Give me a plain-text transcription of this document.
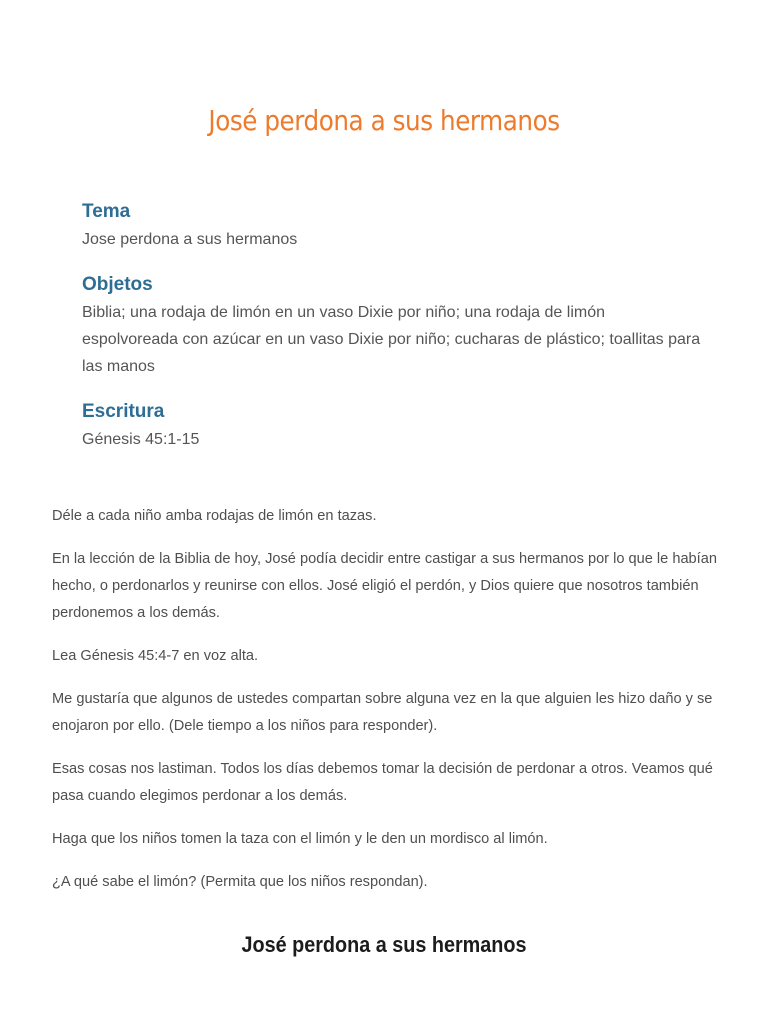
José perdona a sus hermanos
Tema

Jose perdona a sus hermanos

Objetos

Biblia; una rodaja de limón en un vaso Dixie por niño; una rodaja de limón espolvoreada con azúcar en un vaso Dixie por niño; cucharas de plástico; toallitas para las manos

Escritura

Génesis 45:1-15

Déle a cada niño amba rodajas de limón en tazas.

En la lección de la Biblia de hoy, José podía decidir entre castigar a sus hermanos por lo que le habían hecho, o perdonarlos y reunirse con ellos. José eligió el perdón, y Dios quiere que nosotros también perdonemos a los demás.

Lea Génesis 45:4-7 en voz alta.

Me gustaría que algunos de ustedes compartan sobre alguna vez en la que alguien les hizo daño y se enojaron por ello. (Dele tiempo a los niños para responder).

Esas cosas nos lastiman. Todos los días debemos tomar la decisión de perdonar a otros. Veamos qué pasa cuando elegimos perdonar a los demás.

Haga que los niños tomen la taza con el limón y le den un mordisco al limón.

¿A qué sabe el limón? (Permita que los niños respondan).

José perdona a sus hermanos
